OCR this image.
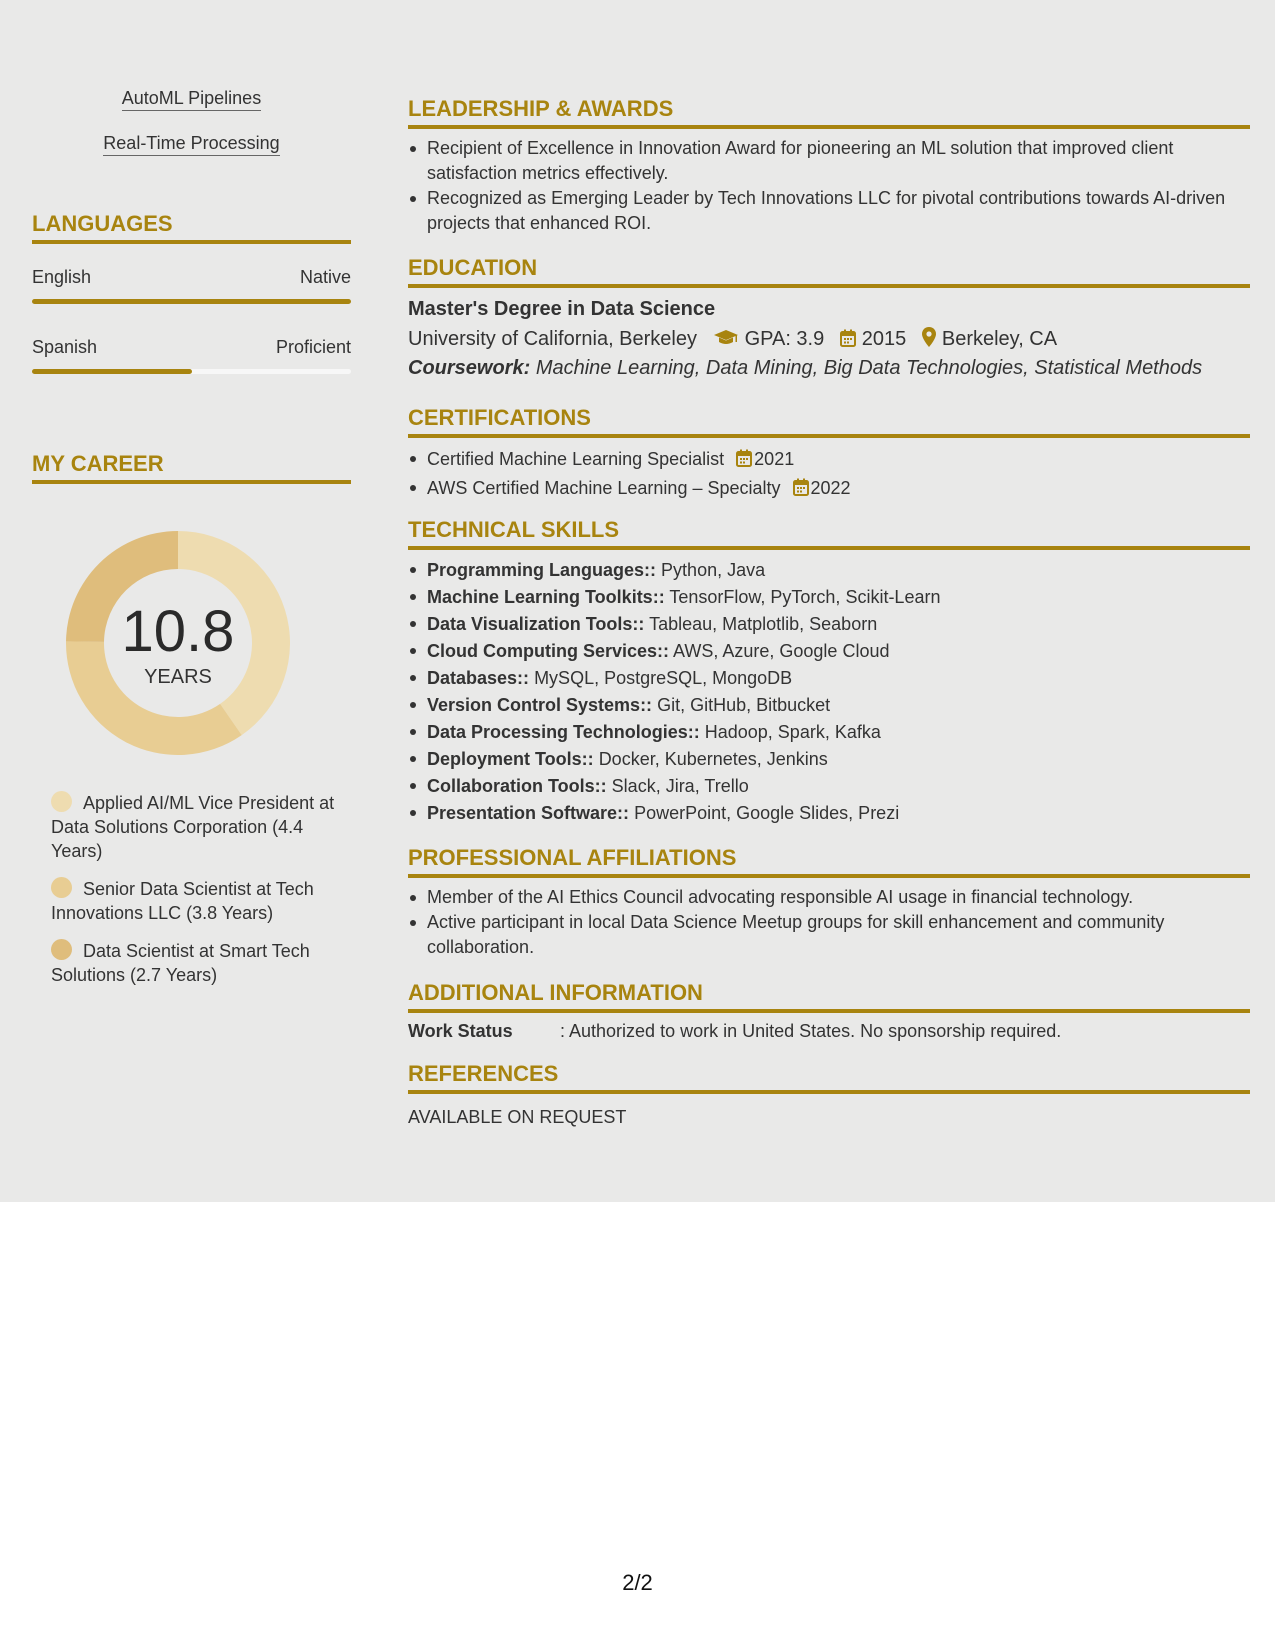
AutoML Pipelines
Real-Time Processing
LANGUAGES
English	Native
Spanish	Proficient
MY CAREER
10.8
YEARS
Applied AI/ML Vice President at Data Solutions Corporation (4.4 Years)
Senior Data Scientist at Tech Innovations LLC (3.8 Years)
Data Scientist at Smart Tech Solutions (2.7 Years)
LEADERSHIP & AWARDS
Recipient of Excellence in Innovation Award for pioneering an ML solution that improved client satisfaction metrics effectively.
Recognized as Emerging Leader by Tech Innovations LLC for pivotal contributions towards AI-driven projects that enhanced ROI.
EDUCATION
Master's Degree in Data Science
University of California, Berkeley GPA: 3.9 2015 Berkeley, CA
Coursework: Machine Learning, Data Mining, Big Data Technologies, Statistical Methods
CERTIFICATIONS
Certified Machine Learning Specialist 2021
AWS Certified Machine Learning – Specialty 2022
TECHNICAL SKILLS
Programming Languages:: Python, Java
Machine Learning Toolkits:: TensorFlow, PyTorch, Scikit-Learn
Data Visualization Tools:: Tableau, Matplotlib, Seaborn
Cloud Computing Services:: AWS, Azure, Google Cloud
Databases:: MySQL, PostgreSQL, MongoDB
Version Control Systems:: Git, GitHub, Bitbucket
Data Processing Technologies:: Hadoop, Spark, Kafka
Deployment Tools:: Docker, Kubernetes, Jenkins
Collaboration Tools:: Slack, Jira, Trello
Presentation Software:: PowerPoint, Google Slides, Prezi
PROFESSIONAL AFFILIATIONS
Member of the AI Ethics Council advocating responsible AI usage in financial technology.
Active participant in local Data Science Meetup groups for skill enhancement and community collaboration.
ADDITIONAL INFORMATION
Work Status	: Authorized to work in United States. No sponsorship required.
REFERENCES
AVAILABLE ON REQUEST
2/2
